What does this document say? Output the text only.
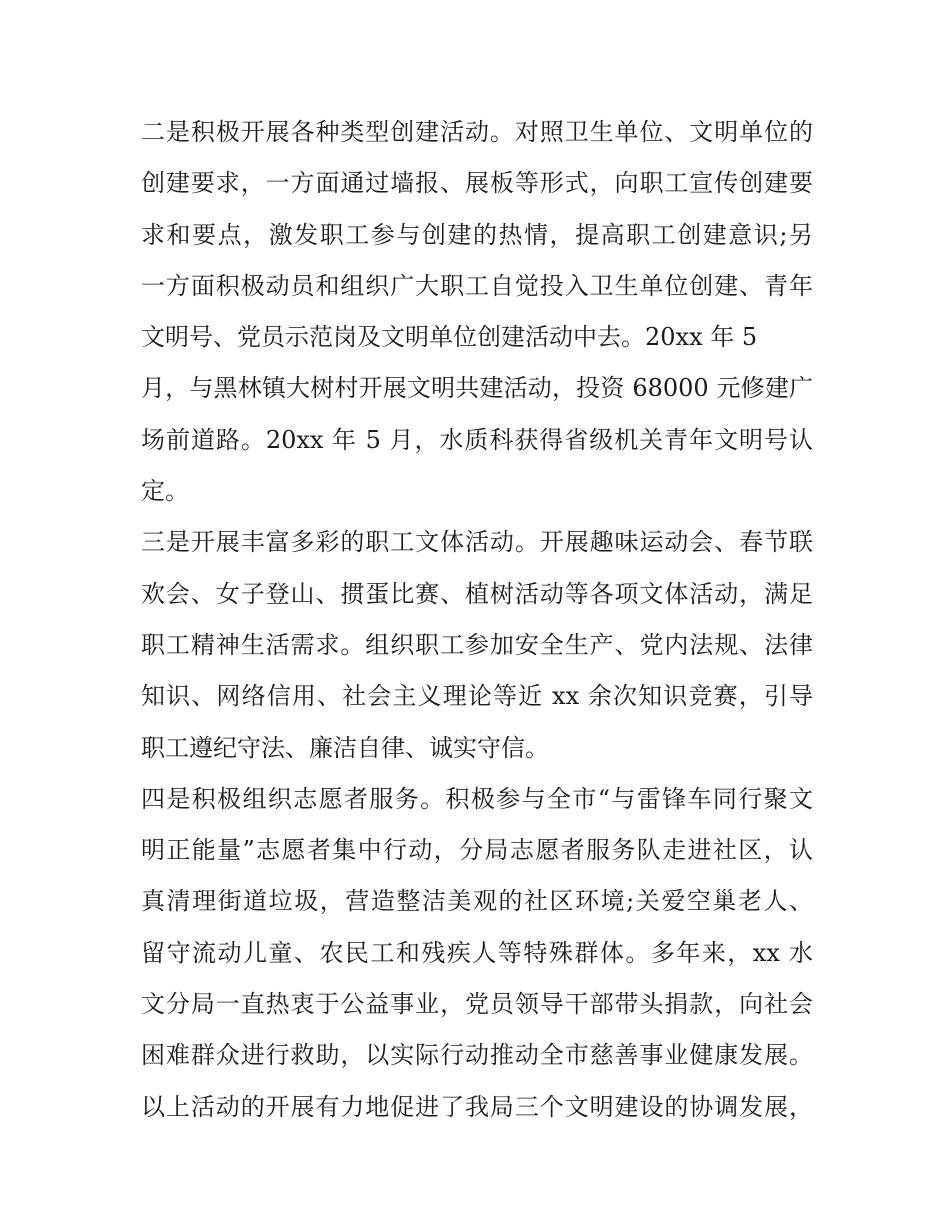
二是积极开展各种类型创建活动。对照卫生单位、文明单位的
创建要求，一方面通过墙报、展板等形式，向职工宣传创建要
求和要点，激发职工参与创建的热情，提高职工创建意识;另
一方面积极动员和组织广大职工自觉投入卫生单位创建、青年
文明号、党员示范岗及文明单位创建活动中去。20xx 年 5
月，与黑林镇大树村开展文明共建活动，投资 68000 元修建广
场前道路。20xx 年 5 月，水质科获得省级机关青年文明号认
定。
三是开展丰富多彩的职工文体活动。开展趣味运动会、春节联
欢会、女子登山、掼蛋比赛、植树活动等各项文体活动，满足
职工精神生活需求。组织职工参加安全生产、党内法规、法律
知识、网络信用、社会主义理论等近 xx 余次知识竞赛，引导
职工遵纪守法、廉洁自律、诚实守信。
四是积极组织志愿者服务。积极参与全市“与雷锋车同行聚文
明正能量”志愿者集中行动，分局志愿者服务队走进社区，认
真清理街道垃圾，营造整洁美观的社区环境;关爱空巢老人、
留守流动儿童、农民工和残疾人等特殊群体。多年来，xx 水
文分局一直热衷于公益事业，党员领导干部带头捐款，向社会
困难群众进行救助，以实际行动推动全市慈善事业健康发展。
以上活动的开展有力地促进了我局三个文明建设的协调发展，
